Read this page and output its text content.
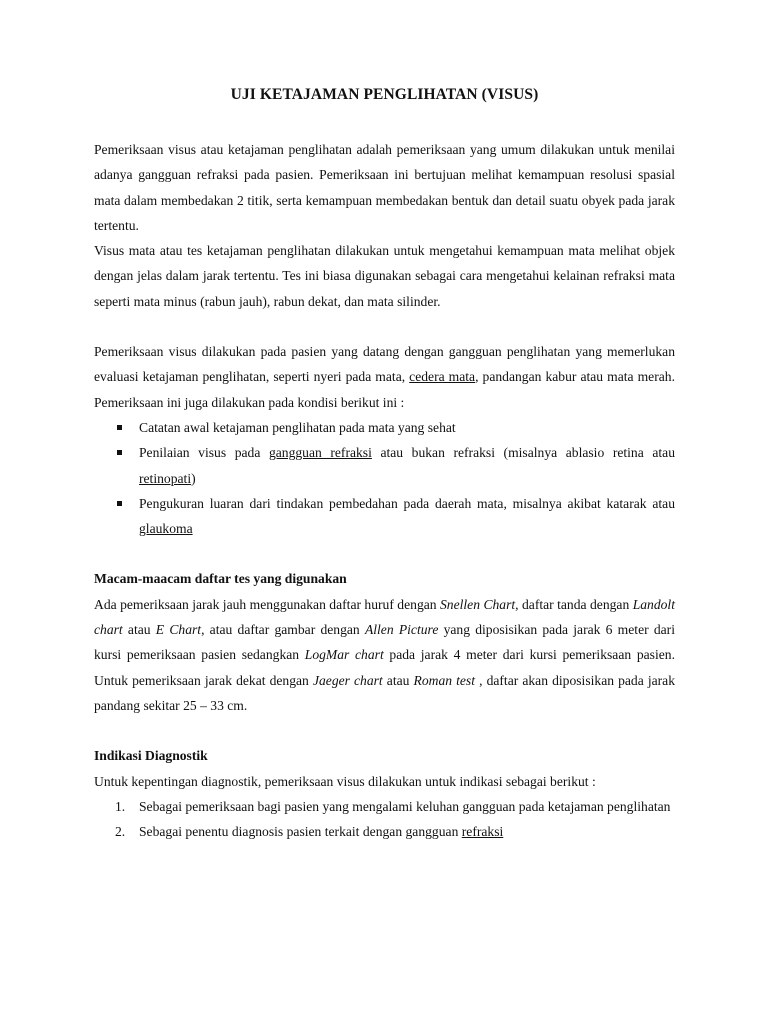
UJI KETAJAMAN PENGLIHATAN (VISUS)

Pemeriksaan visus atau ketajaman penglihatan adalah pemeriksaan yang umum dilakukan untuk menilai adanya gangguan refraksi pada pasien. Pemeriksaan ini bertujuan melihat kemampuan resolusi spasial mata dalam membedakan 2 titik, serta kemampuan membedakan bentuk dan detail suatu obyek pada jarak tertentu.

Visus mata atau tes ketajaman penglihatan dilakukan untuk mengetahui kemampuan mata melihat objek dengan jelas dalam jarak tertentu. Tes ini biasa digunakan sebagai cara mengetahui kelainan refraksi mata seperti mata minus (rabun jauh), rabun dekat, dan mata silinder.

Pemeriksaan visus dilakukan pada pasien yang datang dengan gangguan penglihatan yang memerlukan evaluasi ketajaman penglihatan, seperti nyeri pada mata, cedera mata, pandangan kabur atau mata merah. Pemeriksaan ini juga dilakukan pada kondisi berikut ini :

Catatan awal ketajaman penglihatan pada mata yang sehat
Penilaian visus pada gangguan refraksi atau bukan refraksi (misalnya ablasio retina atau retinopati)
Pengukuran luaran dari tindakan pembedahan pada daerah mata, misalnya akibat katarak atau glaukoma
Macam-maacam daftar tes yang digunakan

Ada pemeriksaan jarak jauh menggunakan daftar huruf dengan Snellen Chart, daftar tanda dengan Landolt chart atau E Chart, atau daftar gambar dengan Allen Picture yang diposisikan pada jarak 6 meter dari kursi pemeriksaan pasien sedangkan LogMar chart pada jarak 4 meter dari kursi pemeriksaan pasien. Untuk pemeriksaan jarak dekat dengan Jaeger chart atau Roman test , daftar akan diposisikan pada jarak pandang sekitar 25 – 33 cm.

Indikasi Diagnostik

Untuk kepentingan diagnostik, pemeriksaan visus dilakukan untuk indikasi sebagai berikut :

1. Sebagai pemeriksaan bagi pasien yang mengalami keluhan gangguan pada ketajaman penglihatan
2. Sebagai penentu diagnosis pasien terkait dengan gangguan refraksi
